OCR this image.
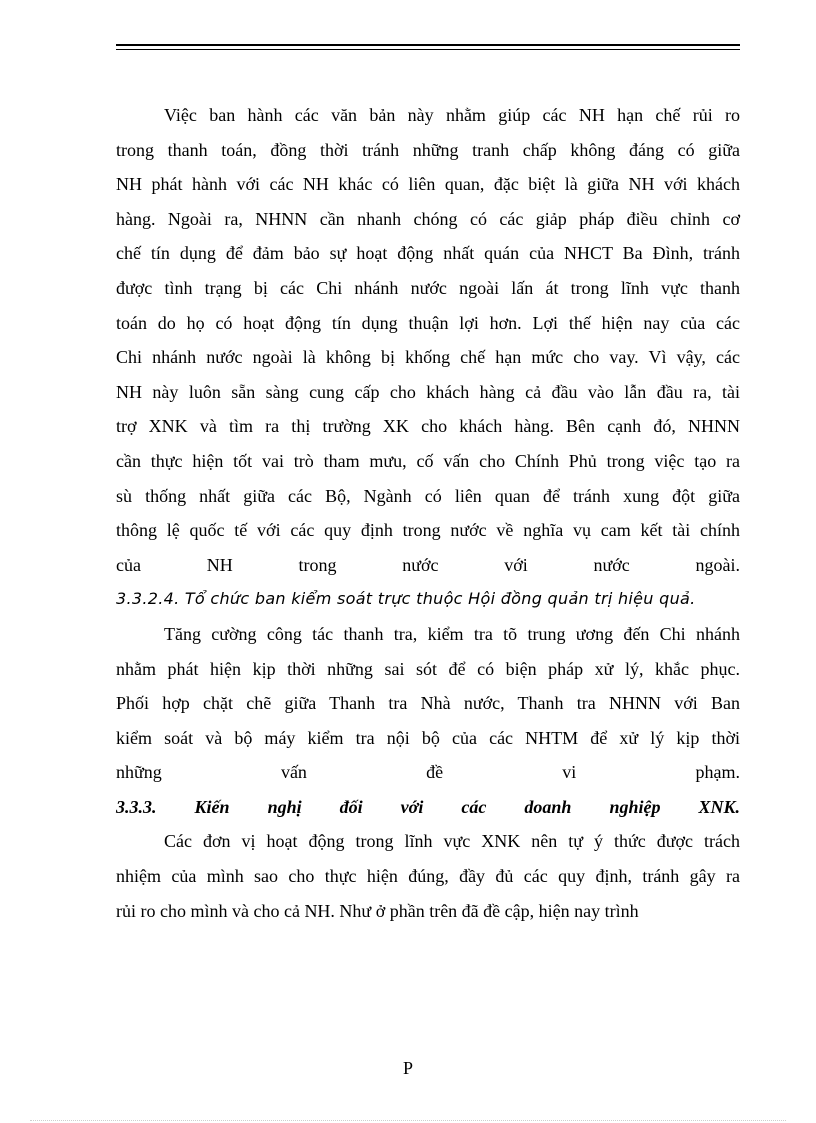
Việc ban hành các văn bản này nhằm giúp các NH hạn chế rủi ro
trong thanh toán, đồng thời tránh những tranh chấp không đáng có giữa
NH phát hành với các NH khác có liên quan, đặc biệt là giữa NH với khách
hàng. Ngoài ra, NHNN cần nhanh chóng có các giảp pháp điều chỉnh cơ
chế tín dụng để đảm bảo sự hoạt động nhất quán của NHCT Ba Đình, tránh
được tình trạng bị các Chi nhánh nước ngoài lấn át trong lĩnh vực thanh
toán do họ có hoạt động tín dụng thuận lợi hơn. Lợi thế hiện nay của các
Chi nhánh nước ngoài là không bị khống chế hạn mức cho vay. Vì vậy, các
NH này luôn sẵn sàng cung cấp cho khách hàng cả đầu vào lẫn đầu ra, tài
trợ XNK và tìm ra thị trường XK cho khách hàng. Bên cạnh đó, NHNN
cần thực hiện tốt vai trò tham mưu, cố vấn cho Chính Phủ trong việc tạo ra
sù thống nhất giữa các Bộ, Ngành có liên quan để tránh xung đột giữa
thông lệ quốc tế với các quy định trong nước về nghĩa vụ cam kết tài chính
của NH trong nước với nước ngoài.
3.3.2.4. Tổ chức ban kiểm soát trực thuộc Hội đồng quản trị hiệu quả.
Tăng cường công tác thanh tra, kiểm tra tõ trung ương đến Chi nhánh
nhằm phát hiện kịp thời những sai sót để có biện pháp xử lý, khắc phục.
Phối hợp chặt chẽ giữa Thanh tra Nhà nước, Thanh tra NHNN với Ban
kiểm soát và bộ máy kiểm tra nội bộ của các NHTM để xử lý kịp thời
những vấn đề vi phạm.
3.3.3. Kiến nghị đối với các doanh nghiệp XNK.
Các đơn vị hoạt động trong lĩnh vực XNK nên tự ý thức được trách
nhiệm của mình sao cho thực hiện đúng, đầy đủ các quy định, tránh gây ra
rủi ro cho mình và cho cả NH. Như ở phần trên đã đề cập, hiện nay trình
P
